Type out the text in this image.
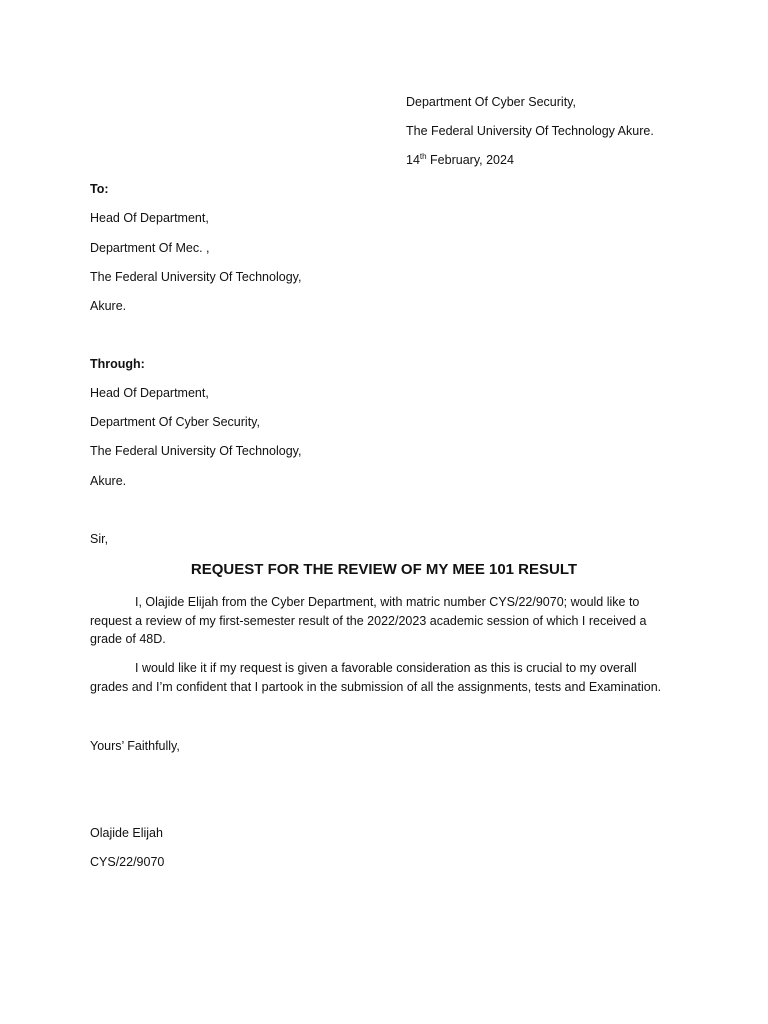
Department Of Cyber Security,
The Federal University Of Technology Akure.
14th February, 2024
To:
Head Of Department,
Department Of Mec. ,
The Federal University Of Technology,
Akure.
Through:
Head Of Department,
Department Of Cyber Security,
The Federal University Of Technology,
Akure.
Sir,
REQUEST FOR THE REVIEW OF MY MEE 101 RESULT
I, Olajide Elijah from the Cyber Department, with matric number CYS/22/9070; would like to request a review of my first-semester result of the 2022/2023 academic session of which I received a grade of 48D.
I would like it if my request is given a favorable consideration as this is crucial to my overall grades and I’m confident that I partook in the submission of all the assignments, tests and Examination.
Yours’ Faithfully,
Olajide Elijah
CYS/22/9070
